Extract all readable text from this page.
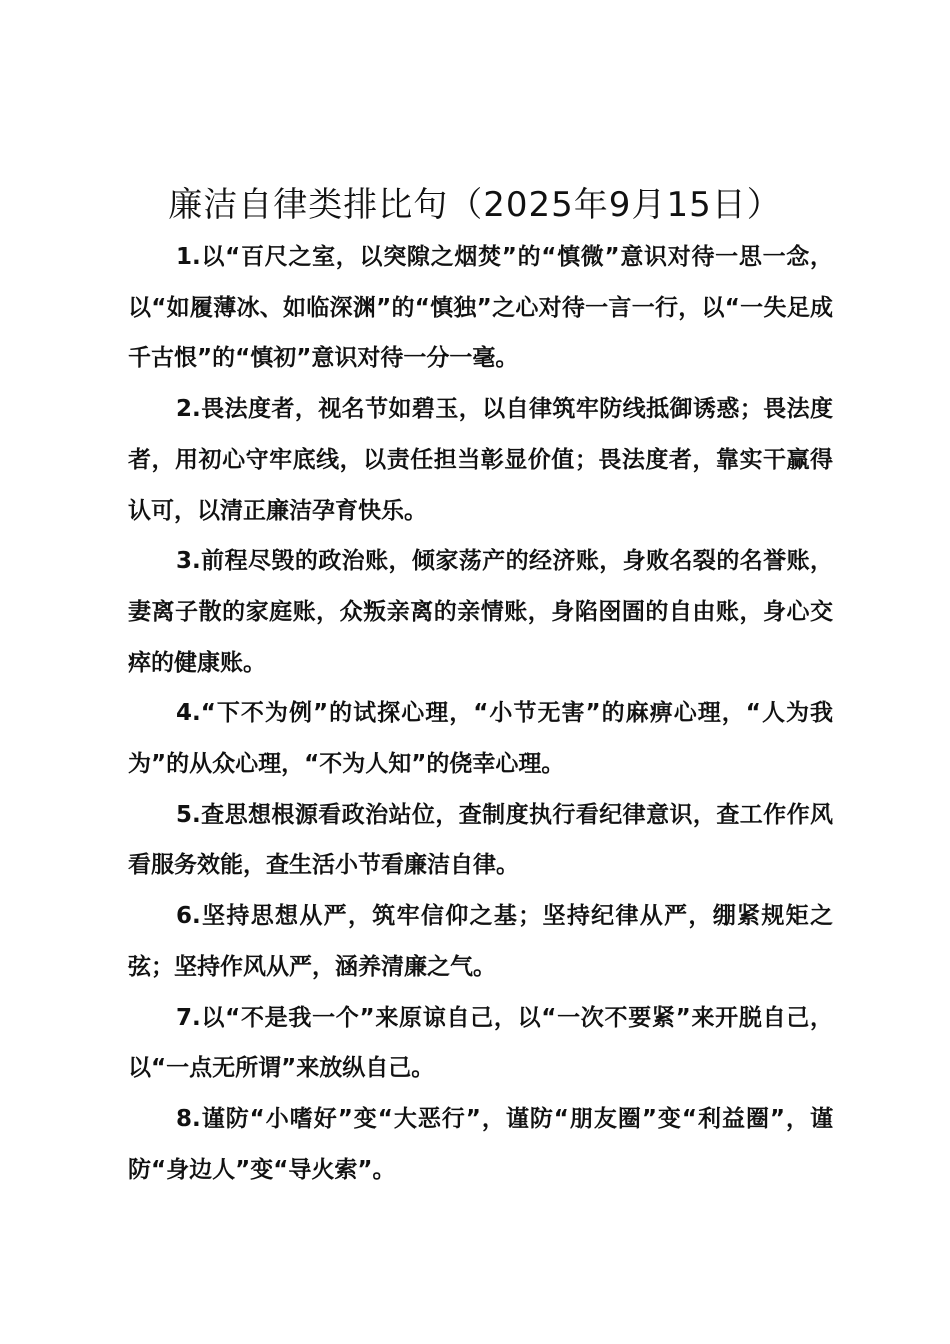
廉洁自律类排比句（2025年9月15日）

1.以“百尺之室，以突隙之烟焚”的“慎微”意识对待一思一念，以“如履薄冰、如临深渊”的“慎独”之心对待一言一行，以“一失足成千古恨”的“慎初”意识对待一分一毫。

2.畏法度者，视名节如碧玉，以自律筑牢防线抵御诱惑；畏法度者，用初心守牢底线，以责任担当彰显价值；畏法度者，靠实干赢得认可，以清正廉洁孕育快乐。

3.前程尽毁的政治账，倾家荡产的经济账，身败名裂的名誉账，妻离子散的家庭账，众叛亲离的亲情账，身陷囹圄的自由账，身心交瘁的健康账。

4.“下不为例”的试探心理，“小节无害”的麻痹心理，“人为我为”的从众心理，“不为人知”的侥幸心理。

5.查思想根源看政治站位，查制度执行看纪律意识，查工作作风看服务效能，查生活小节看廉洁自律。

6.坚持思想从严，筑牢信仰之基；坚持纪律从严，绷紧规矩之弦；坚持作风从严，涵养清廉之气。

7.以“不是我一个”来原谅自己，以“一次不要紧”来开脱自己，以“一点无所谓”来放纵自己。

8.谨防“小嗜好”变“大恶行”，谨防“朋友圈”变“利益圈”，谨防“身边人”变“导火索”。
